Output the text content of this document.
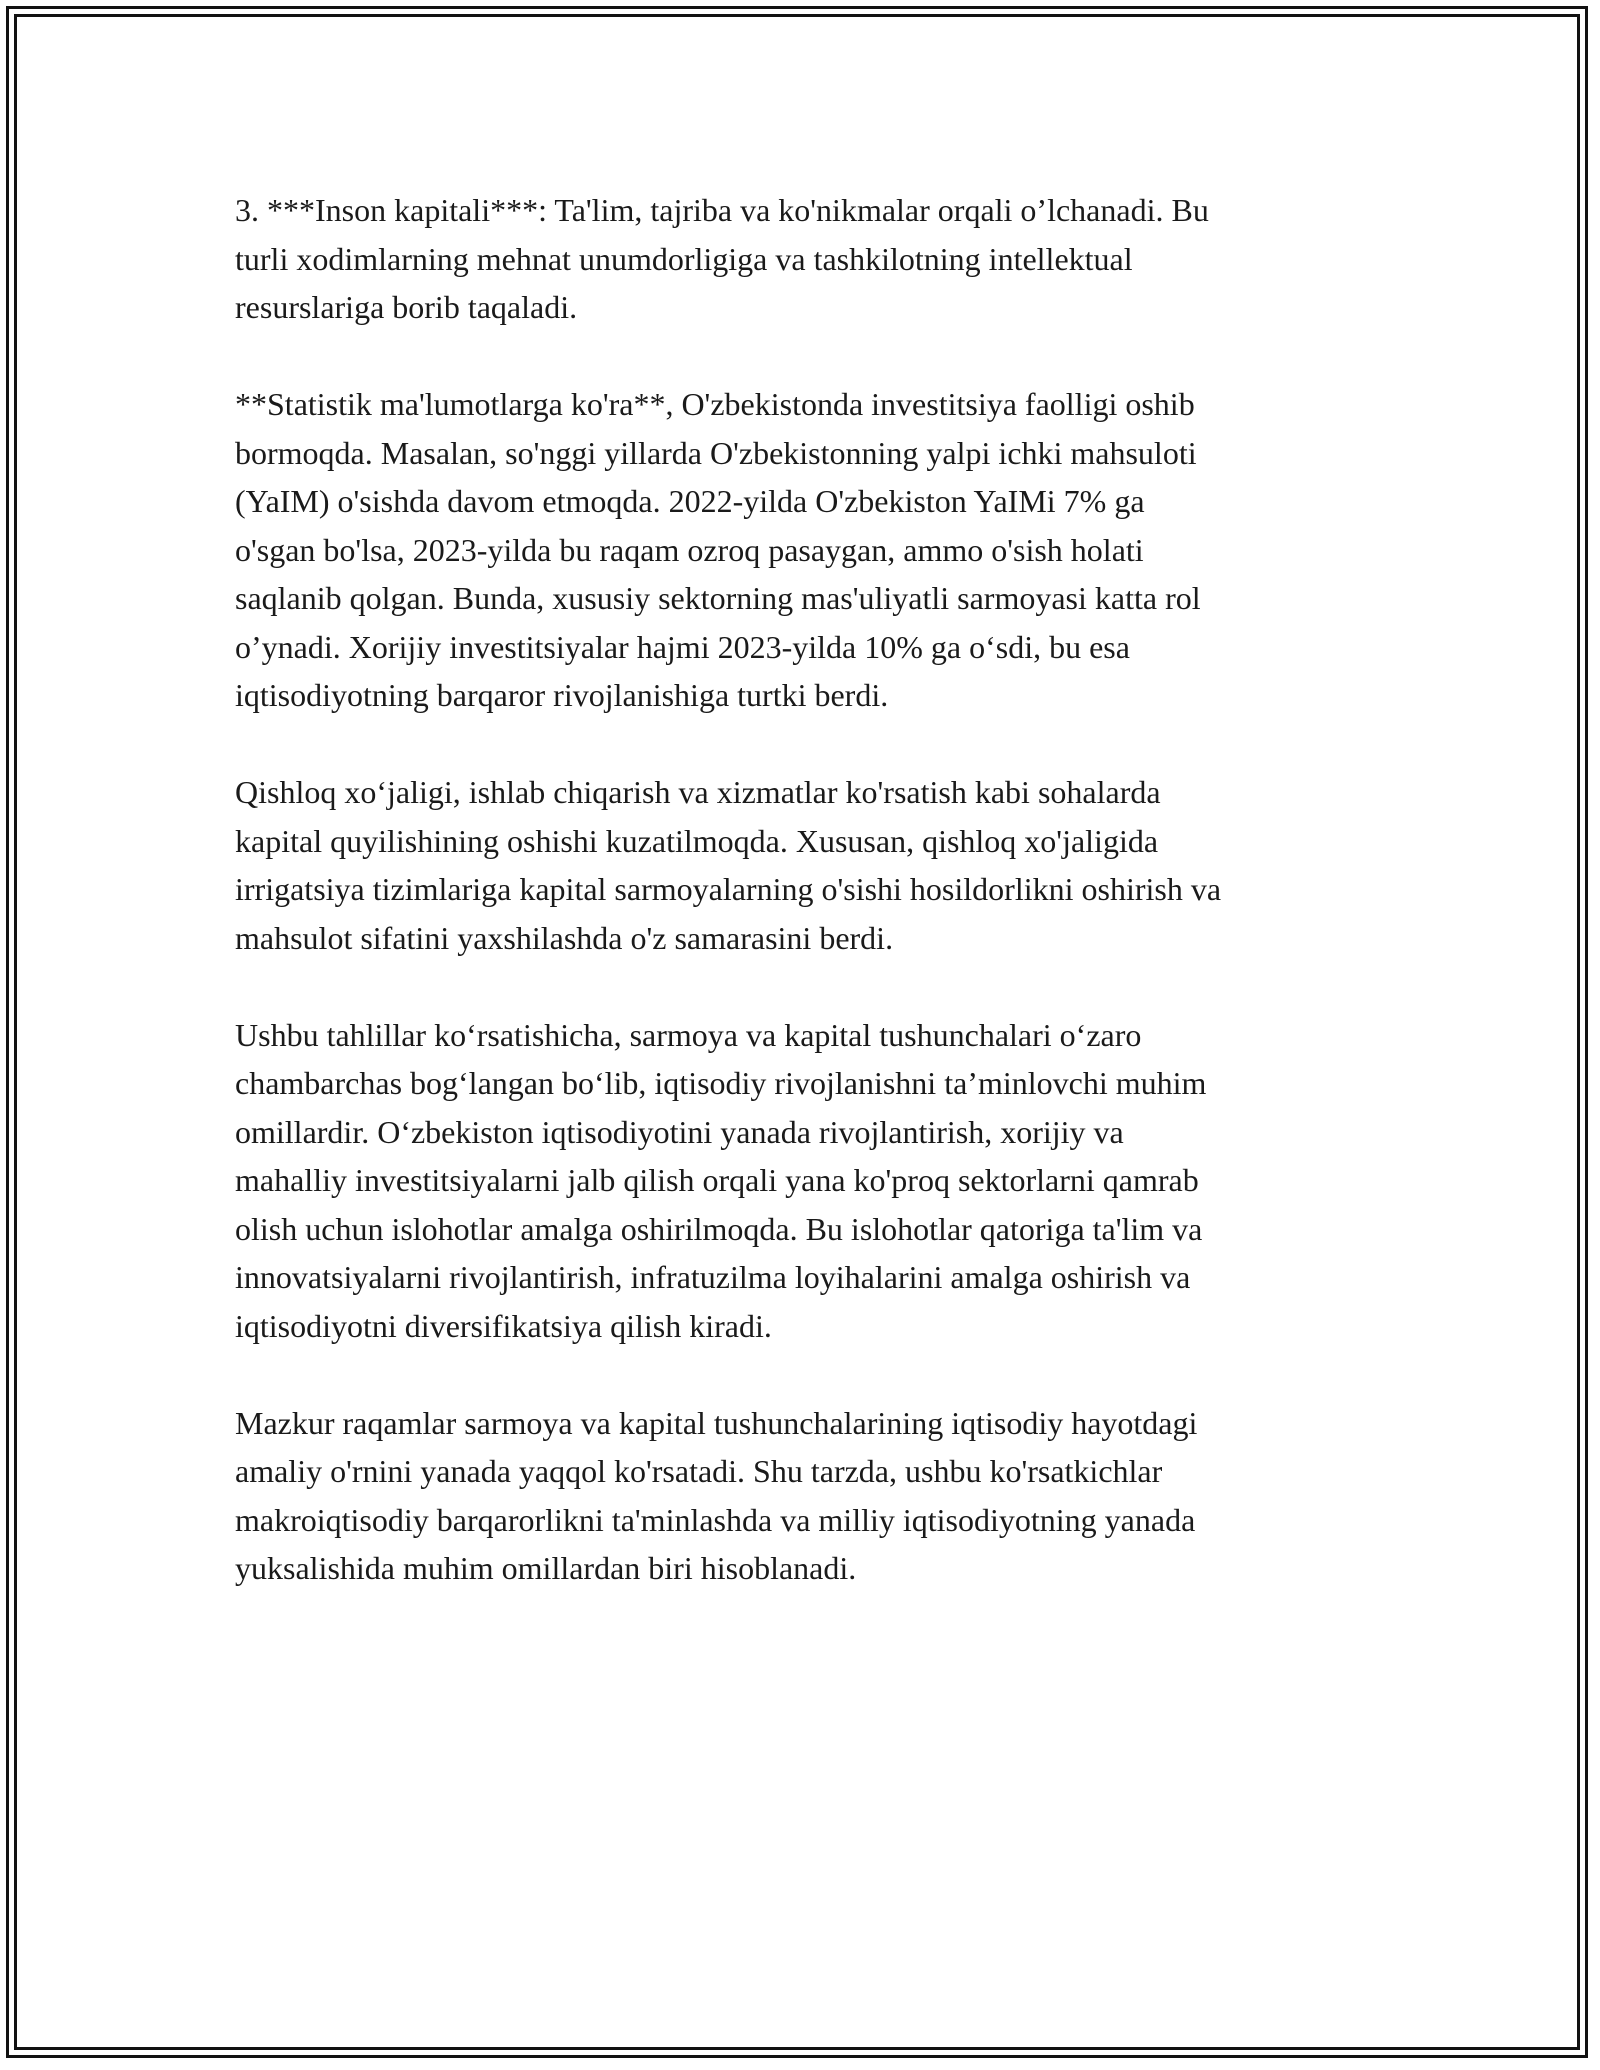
3. ***Inson kapitali***: Ta'lim, tajriba va ko'nikmalar orqali o’lchanadi. Bu
turli xodimlarning mehnat unumdorligiga va tashkilotning intellektual
resurslariga borib taqaladi.

**Statistik ma'lumotlarga ko'ra**, O'zbekistonda investitsiya faolligi oshib
bormoqda. Masalan, so'nggi yillarda O'zbekistonning yalpi ichki mahsuloti
(YaIM) o'sishda davom etmoqda. 2022-yilda O'zbekiston YaIMi 7% ga
o'sgan bo'lsa, 2023-yilda bu raqam ozroq pasaygan, ammo o'sish holati
saqlanib qolgan. Bunda, xususiy sektorning mas'uliyatli sarmoyasi katta rol
o’ynadi. Xorijiy investitsiyalar hajmi 2023-yilda 10% ga oʻsdi, bu esa
iqtisodiyotning barqaror rivojlanishiga turtki berdi.

Qishloq xoʻjaligi, ishlab chiqarish va xizmatlar ko'rsatish kabi sohalarda
kapital quyilishining oshishi kuzatilmoqda. Xususan, qishloq xo'jaligida
irrigatsiya tizimlariga kapital sarmoyalarning o'sishi hosildorlikni oshirish va
mahsulot sifatini yaxshilashda o'z samarasini berdi.

Ushbu tahlillar koʻrsatishicha, sarmoya va kapital tushunchalari oʻzaro
chambarchas bogʻlangan boʻlib, iqtisodiy rivojlanishni ta’minlovchi muhim
omillardir. Oʻzbekiston iqtisodiyotini yanada rivojlantirish, xorijiy va
mahalliy investitsiyalarni jalb qilish orqali yana ko'proq sektorlarni qamrab
olish uchun islohotlar amalga oshirilmoqda. Bu islohotlar qatoriga ta'lim va
innovatsiyalarni rivojlantirish, infratuzilma loyihalarini amalga oshirish va
iqtisodiyotni diversifikatsiya qilish kiradi.

Mazkur raqamlar sarmoya va kapital tushunchalarining iqtisodiy hayotdagi
amaliy o'rnini yanada yaqqol ko'rsatadi. Shu tarzda, ushbu ko'rsatkichlar
makroiqtisodiy barqarorlikni ta'minlashda va milliy iqtisodiyotning yanada
yuksalishida muhim omillardan biri hisoblanadi.
